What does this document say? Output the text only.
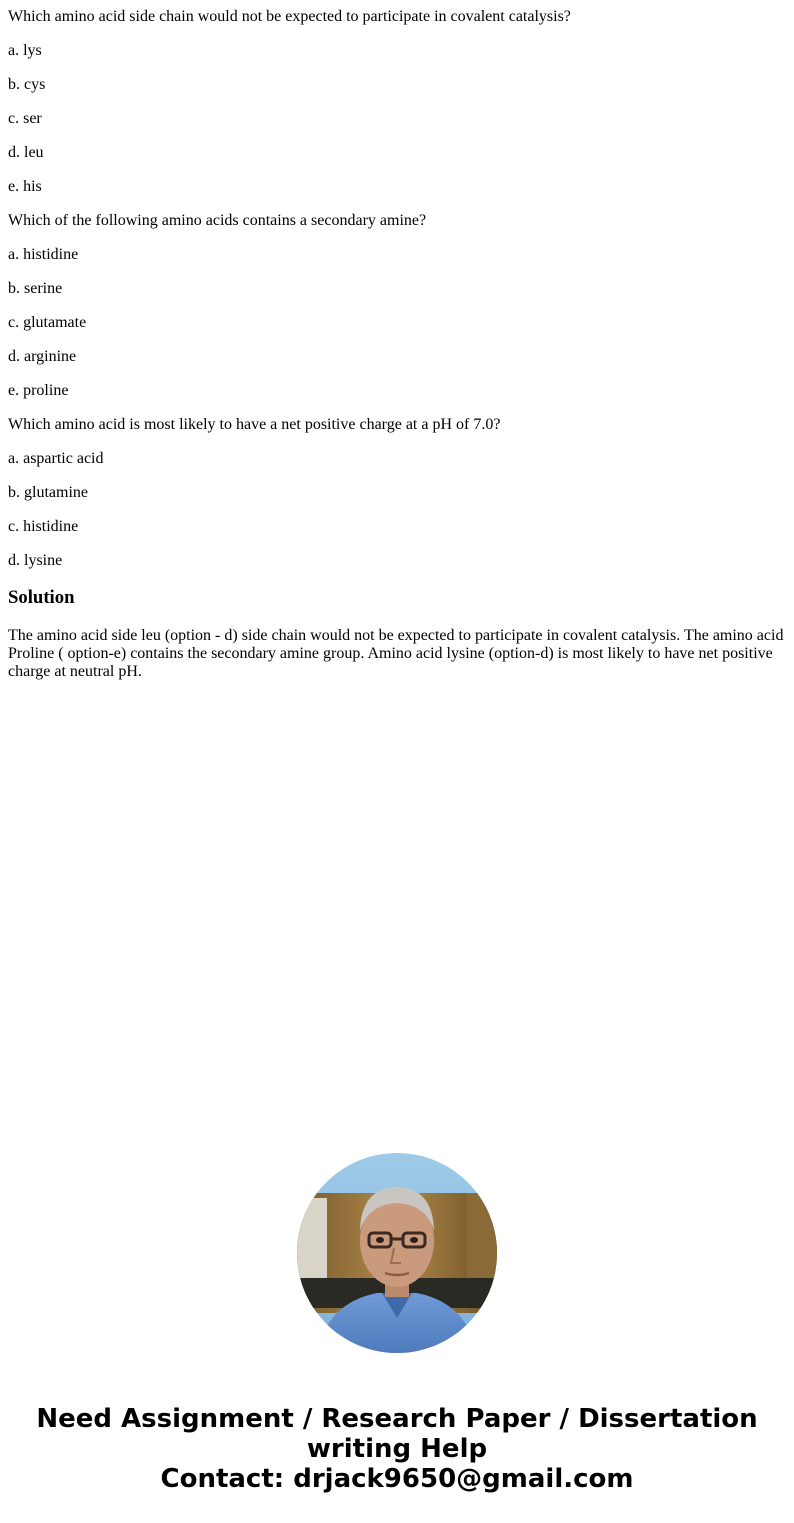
Which amino acid side chain would not be expected to participate in covalent catalysis?

a. lys

b. cys

c. ser

d. leu

e. his

Which of the following amino acids contains a secondary amine?

a. histidine

b. serine

c. glutamate

d. arginine

e. proline

Which amino acid is most likely to have a net positive charge at a pH of 7.0?

a. aspartic acid

b. glutamine

c. histidine

d. lysine

Solution

The amino acid side leu (option - d) side chain would not be expected to participate in covalent catalysis. The amino acid Proline ( option-e) contains the secondary amine group. Amino acid lysine (option-d) is most likely to have net positive charge at neutral pH.

Need Assignment / Research Paper / Dissertation
writing Help
Contact: drjack9650@gmail.com
